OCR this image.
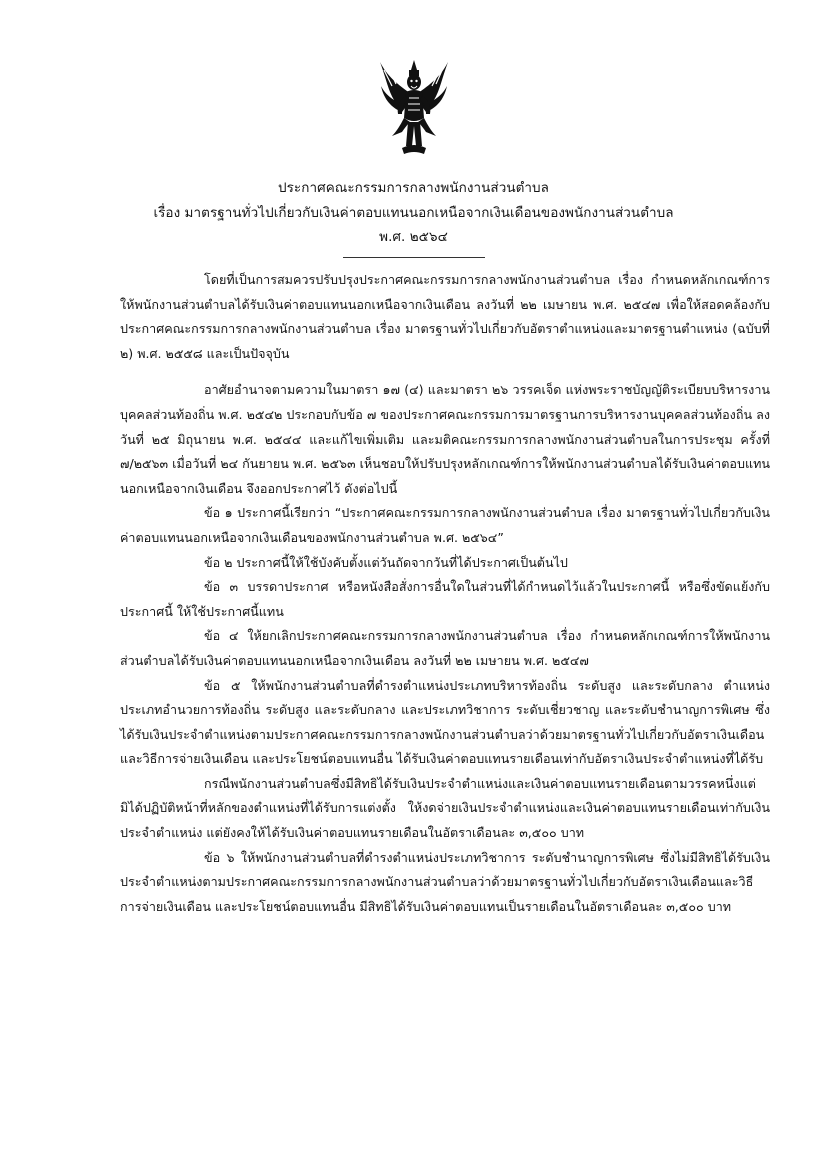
ประกาศคณะกรรมการกลางพนักงานส่วนตำบล
เรื่อง มาตรฐานทั่วไปเกี่ยวกับเงินค่าตอบแทนนอกเหนือจากเงินเดือนของพนักงานส่วนตำบล
พ.ศ. ๒๕๖๔

โดยที่เป็นการสมควรปรับปรุงประกาศคณะกรรมการกลางพนักงานส่วนตำบล เรื่อง กำหนดหลักเกณฑ์การให้พนักงานส่วนตำบลได้รับเงินค่าตอบแทนนอกเหนือจากเงินเดือน ลงวันที่ ๒๒ เมษายน พ.ศ. ๒๕๔๗ เพื่อให้สอดคล้องกับประกาศคณะกรรมการกลางพนักงานส่วนตำบล เรื่อง มาตรฐานทั่วไปเกี่ยวกับอัตราตำแหน่งและมาตรฐานตำแหน่ง (ฉบับที่ ๒) พ.ศ. ๒๕๕๘ และเป็นปัจจุบัน

อาศัยอำนาจตามความในมาตรา ๑๗ (๔) และมาตรา ๒๖ วรรคเจ็ด แห่งพระราชบัญญัติระเบียบบริหารงานบุคคลส่วนท้องถิ่น พ.ศ. ๒๕๔๒ ประกอบกับข้อ ๗ ของประกาศคณะกรรมการมาตรฐานการบริหารงานบุคคลส่วนท้องถิ่น ลงวันที่ ๒๕ มิถุนายน พ.ศ. ๒๕๔๔ และแก้ไขเพิ่มเติม และมติคณะกรรมการกลางพนักงานส่วนตำบลในการประชุม ครั้งที่ ๗/๒๕๖๓ เมื่อวันที่ ๒๔ กันยายน พ.ศ. ๒๕๖๓ เห็นชอบให้ปรับปรุงหลักเกณฑ์การให้พนักงานส่วนตำบลได้รับเงินค่าตอบแทนนอกเหนือจากเงินเดือน จึงออกประกาศไว้ ดังต่อไปนี้

ข้อ ๑ ประกาศนี้เรียกว่า “ประกาศคณะกรรมการกลางพนักงานส่วนตำบล เรื่อง มาตรฐานทั่วไปเกี่ยวกับเงินค่าตอบแทนนอกเหนือจากเงินเดือนของพนักงานส่วนตำบล พ.ศ. ๒๕๖๔”

ข้อ ๒ ประกาศนี้ให้ใช้บังคับตั้งแต่วันถัดจากวันที่ได้ประกาศเป็นต้นไป

ข้อ ๓ บรรดาประกาศ หรือหนังสือสั่งการอื่นใดในส่วนที่ได้กำหนดไว้แล้วในประกาศนี้ หรือซึ่งขัดแย้งกับประกาศนี้ ให้ใช้ประกาศนี้แทน

ข้อ ๔ ให้ยกเลิกประกาศคณะกรรมการกลางพนักงานส่วนตำบล เรื่อง กำหนดหลักเกณฑ์การให้พนักงานส่วนตำบลได้รับเงินค่าตอบแทนนอกเหนือจากเงินเดือน ลงวันที่ ๒๒ เมษายน พ.ศ. ๒๕๔๗

ข้อ ๕ ให้พนักงานส่วนตำบลที่ดำรงตำแหน่งประเภทบริหารท้องถิ่น ระดับสูง และระดับกลาง ตำแหน่งประเภทอำนวยการท้องถิ่น ระดับสูง และระดับกลาง และประเภทวิชาการ ระดับเชี่ยวชาญ และระดับชำนาญการพิเศษ ซึ่งได้รับเงินประจำตำแหน่งตามประกาศคณะกรรมการกลางพนักงานส่วนตำบลว่าด้วยมาตรฐานทั่วไปเกี่ยวกับอัตราเงินเดือนและวิธีการจ่ายเงินเดือน และประโยชน์ตอบแทนอื่น ได้รับเงินค่าตอบแทนรายเดือนเท่ากับอัตราเงินประจำตำแหน่งที่ได้รับ

กรณีพนักงานส่วนตำบลซึ่งมีสิทธิได้รับเงินประจำตำแหน่งและเงินค่าตอบแทนรายเดือนตามวรรคหนึ่งแต่มิได้ปฏิบัติหน้าที่หลักของตำแหน่งที่ได้รับการแต่งตั้ง ให้งดจ่ายเงินประจำตำแหน่งและเงินค่าตอบแทนรายเดือนเท่ากับเงินประจำตำแหน่ง แต่ยังคงให้ได้รับเงินค่าตอบแทนรายเดือนในอัตราเดือนละ ๓,๕๐๐ บาท

ข้อ ๖ ให้พนักงานส่วนตำบลที่ดำรงตำแหน่งประเภทวิชาการ ระดับชำนาญการพิเศษ ซึ่งไม่มีสิทธิได้รับเงินประจำตำแหน่งตามประกาศคณะกรรมการกลางพนักงานส่วนตำบลว่าด้วยมาตรฐานทั่วไปเกี่ยวกับอัตราเงินเดือนและวิธีการจ่ายเงินเดือน และประโยชน์ตอบแทนอื่น มีสิทธิได้รับเงินค่าตอบแทนเป็นรายเดือนในอัตราเดือนละ ๓,๕๐๐ บาท
